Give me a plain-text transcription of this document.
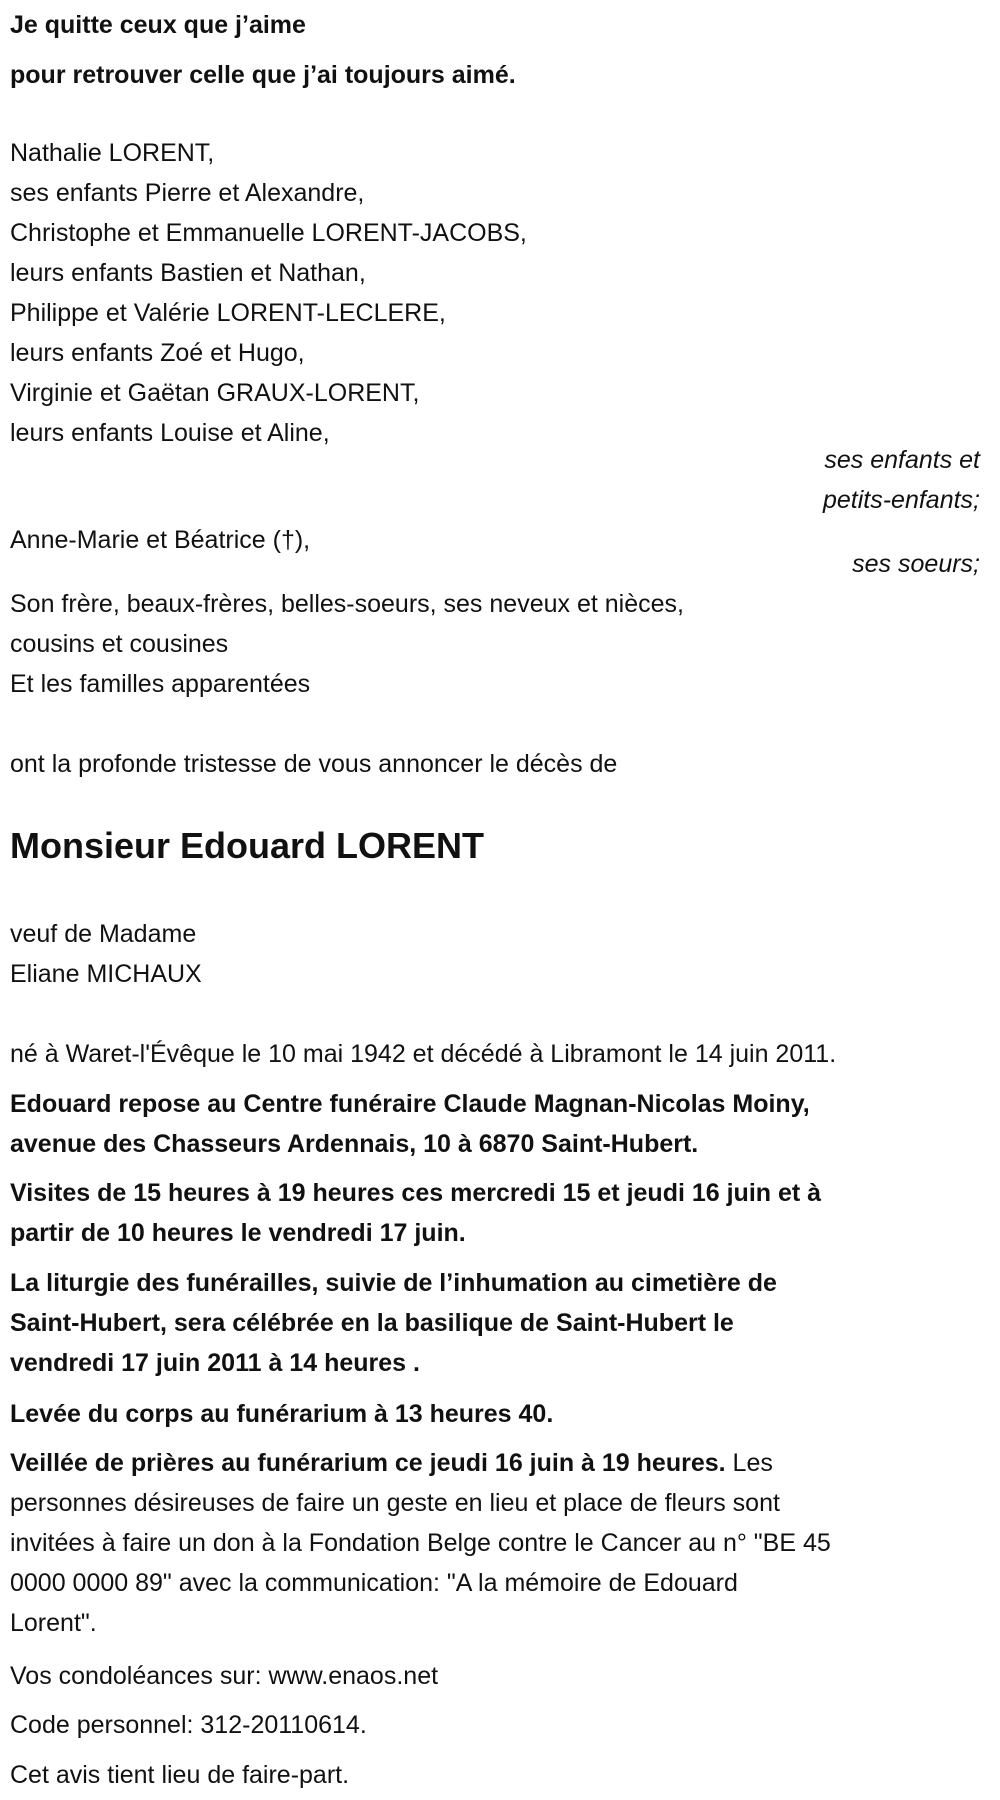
Je quitte ceux que j’aime
pour retrouver celle que j’ai toujours aimé.
Nathalie LORENT,
ses enfants Pierre et Alexandre,
Christophe et Emmanuelle LORENT-JACOBS,
leurs enfants Bastien et Nathan,
Philippe et Valérie LORENT-LECLERE,
leurs enfants Zoé et Hugo,
Virginie et Gaëtan GRAUX-LORENT,
leurs enfants Louise et Aline,
ses enfants et
petits-enfants;
Anne-Marie et Béatrice (†),
ses soeurs;
Son frère, beaux-frères, belles-soeurs, ses neveux et nièces,
cousins et cousines
Et les familles apparentées
ont la profonde tristesse de vous annoncer le décès de
Monsieur Edouard LORENT
veuf de Madame
Eliane MICHAUX
né à Waret-l'Évêque le 10 mai 1942 et décédé à Libramont le 14 juin 2011.
Edouard repose au Centre funéraire Claude Magnan-Nicolas Moiny,
avenue des Chasseurs Ardennais, 10 à 6870 Saint-Hubert.
Visites de 15 heures à 19 heures ces mercredi 15 et jeudi 16 juin et à
partir de 10 heures le vendredi 17 juin.
La liturgie des funérailles, suivie de l’inhumation au cimetière de
Saint-Hubert, sera célébrée en la basilique de Saint-Hubert le
vendredi 17 juin 2011 à 14 heures .
Levée du corps au funérarium à 13 heures 40.
Veillée de prières au funérarium ce jeudi 16 juin à 19 heures. Les
personnes désireuses de faire un geste en lieu et place de fleurs sont
invitées à faire un don à la Fondation Belge contre le Cancer au n° "BE 45
0000 0000 89" avec la communication: "A la mémoire de Edouard
Lorent".
Vos condoléances sur: www.enaos.net
Code personnel: 312-20110614.
Cet avis tient lieu de faire-part.
